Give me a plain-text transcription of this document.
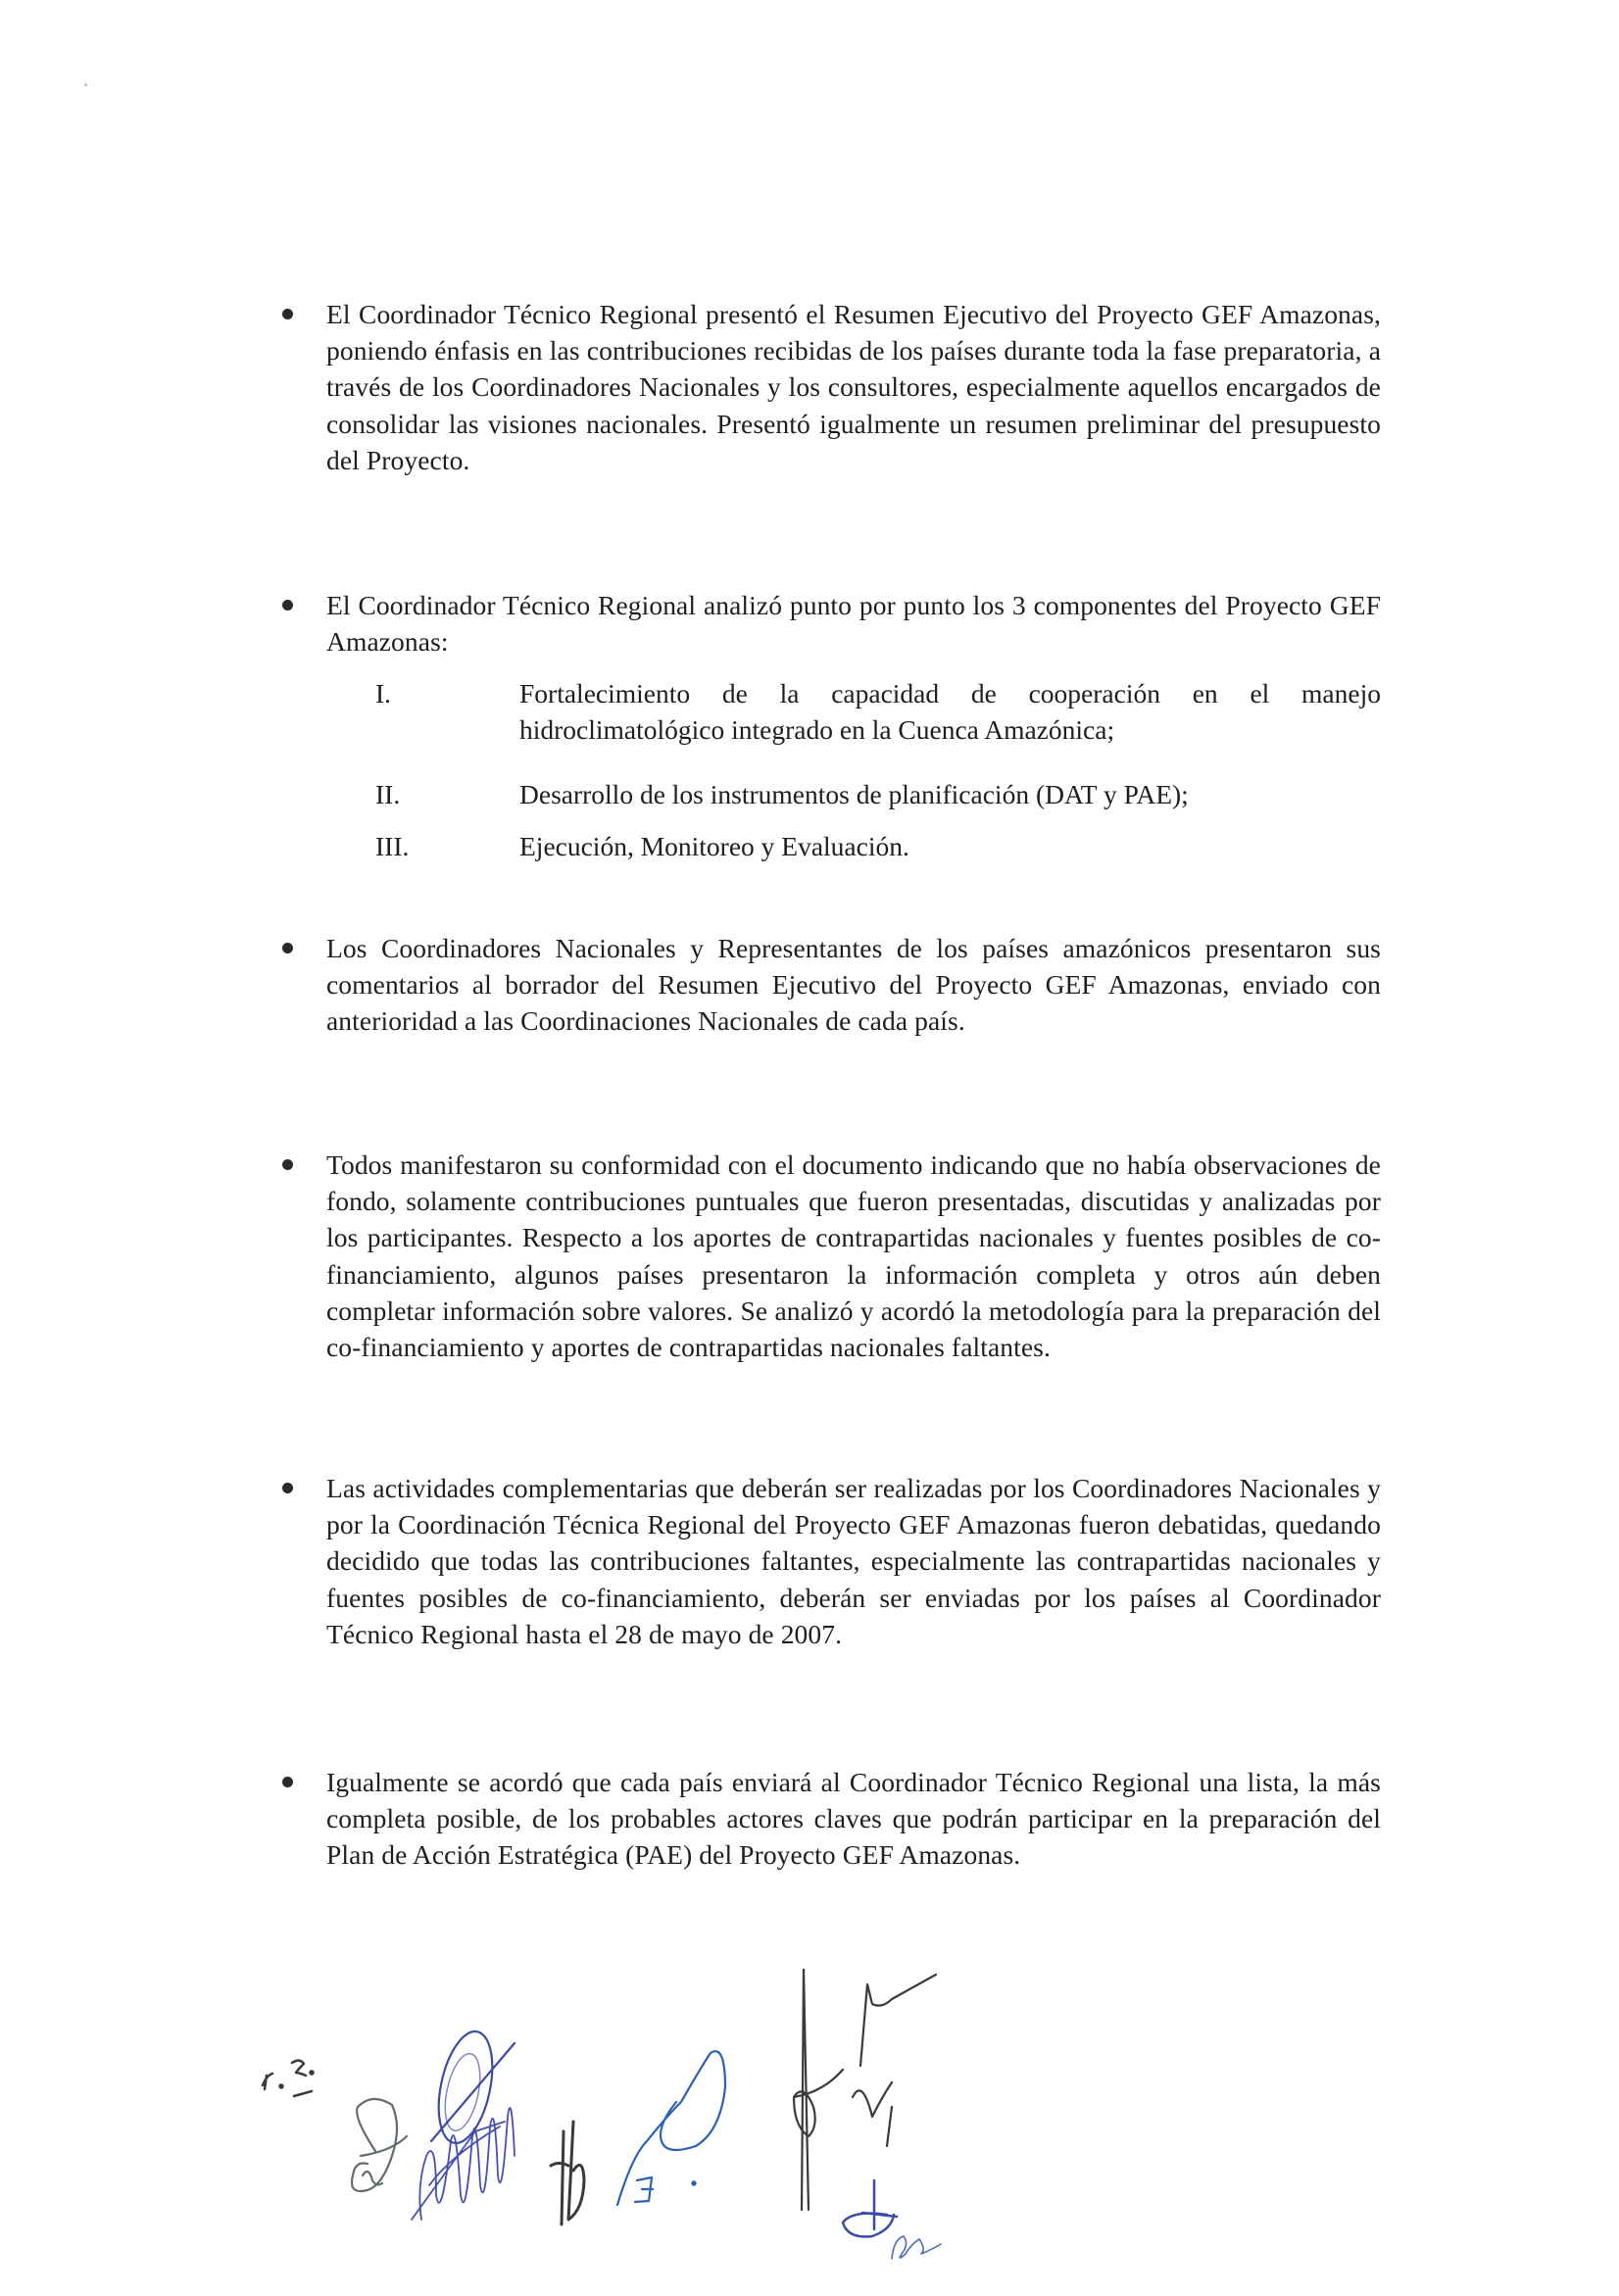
El Coordinador Técnico Regional presentó el Resumen Ejecutivo del Proyecto GEF Amazonas, poniendo énfasis en las contribuciones recibidas de los países durante toda la fase preparatoria, a través de los Coordinadores Nacionales y los consultores, especialmente aquellos encargados de consolidar las visiones nacionales. Presentó igualmente un resumen preliminar del presupuesto del Proyecto.
El Coordinador Técnico Regional analizó punto por punto los 3 componentes del Proyecto GEF Amazonas:
I.	Fortalecimiento de la capacidad de cooperación en el manejo hidroclimatológico integrado en la Cuenca Amazónica;
II.	Desarrollo de los instrumentos de planificación (DAT y PAE);
III.	Ejecución, Monitoreo y Evaluación.
Los Coordinadores Nacionales y Representantes de los países amazónicos presentaron sus comentarios al borrador del Resumen Ejecutivo del Proyecto GEF Amazonas, enviado con anterioridad a las Coordinaciones Nacionales de cada país.
Todos manifestaron su conformidad con el documento indicando que no había observaciones de fondo, solamente contribuciones puntuales que fueron presentadas, discutidas y analizadas por los participantes. Respecto a los aportes de contrapartidas nacionales y fuentes posibles de co-financiamiento, algunos países presentaron la información completa y otros aún deben completar información sobre valores. Se analizó y acordó la metodología para la preparación del co-financiamiento y aportes de contrapartidas nacionales faltantes.
Las actividades complementarias que deberán ser realizadas por los Coordinadores Nacionales y por la Coordinación Técnica Regional del Proyecto GEF Amazonas fueron debatidas, quedando decidido que todas las contribuciones faltantes, especialmente las contrapartidas nacionales y fuentes posibles de co-financiamiento, deberán ser enviadas por los países al Coordinador Técnico Regional hasta el 28 de mayo de 2007.
Igualmente se acordó que cada país enviará al Coordinador Técnico Regional una lista, la más completa posible, de los probables actores claves que podrán participar en la preparación del Plan de Acción Estratégica (PAE) del Proyecto GEF Amazonas.
